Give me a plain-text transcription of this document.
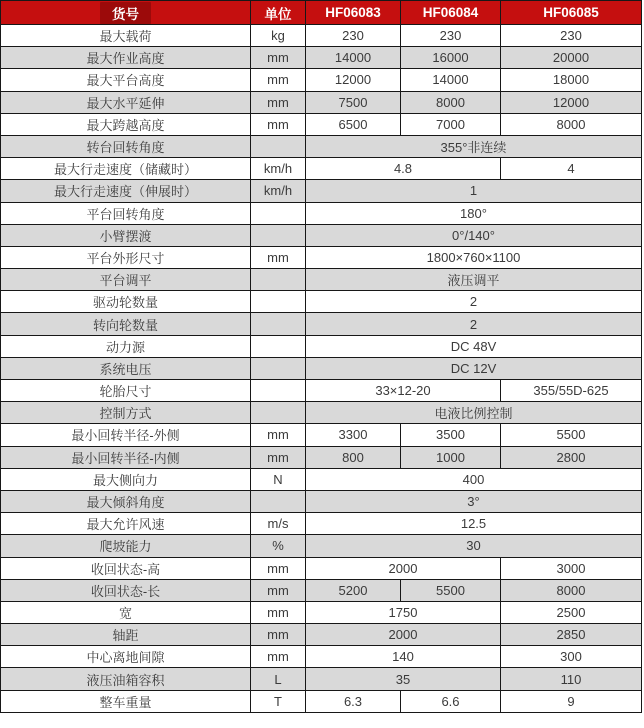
货号	单位	HF06083	HF06084	HF06085
最大载荷	kg	230	230	230
最大作业高度	mm	14000	16000	20000
最大平台高度	mm	12000	14000	18000
最大水平延伸	mm	7500	8000	12000
最大跨越高度	mm	6500	7000	8000
转台回转角度		355°非连续		
最大行走速度（储藏时）	km/h	4.8		4
最大行走速度（伸展时）	km/h	1		
平台回转角度		180°		
小臂摆渡		0°/140°		
平台外形尺寸	mm	1800×760×1100		
平台调平		液压调平		
驱动轮数量		2		
转向轮数量		2		
动力源		DC 48V		
系统电压		DC 12V		
轮胎尺寸		33×12-20		355/55D-625
控制方式		电液比例控制		
最小回转半径-外侧	mm	3300	3500	5500
最小回转半径-内侧	mm	800	1000	2800
最大侧向力	N	400		
最大倾斜角度		3°		
最大允许风速	m/s	12.5		
爬坡能力	%	30		
收回状态-高	mm	2000		3000
收回状态-长	mm	5200	5500	8000
宽	mm	1750		2500
轴距	mm	2000		2850
中心离地间隙	mm	140		300
液压油箱容积	L	35		110
整车重量	T	6.3	6.6	9
